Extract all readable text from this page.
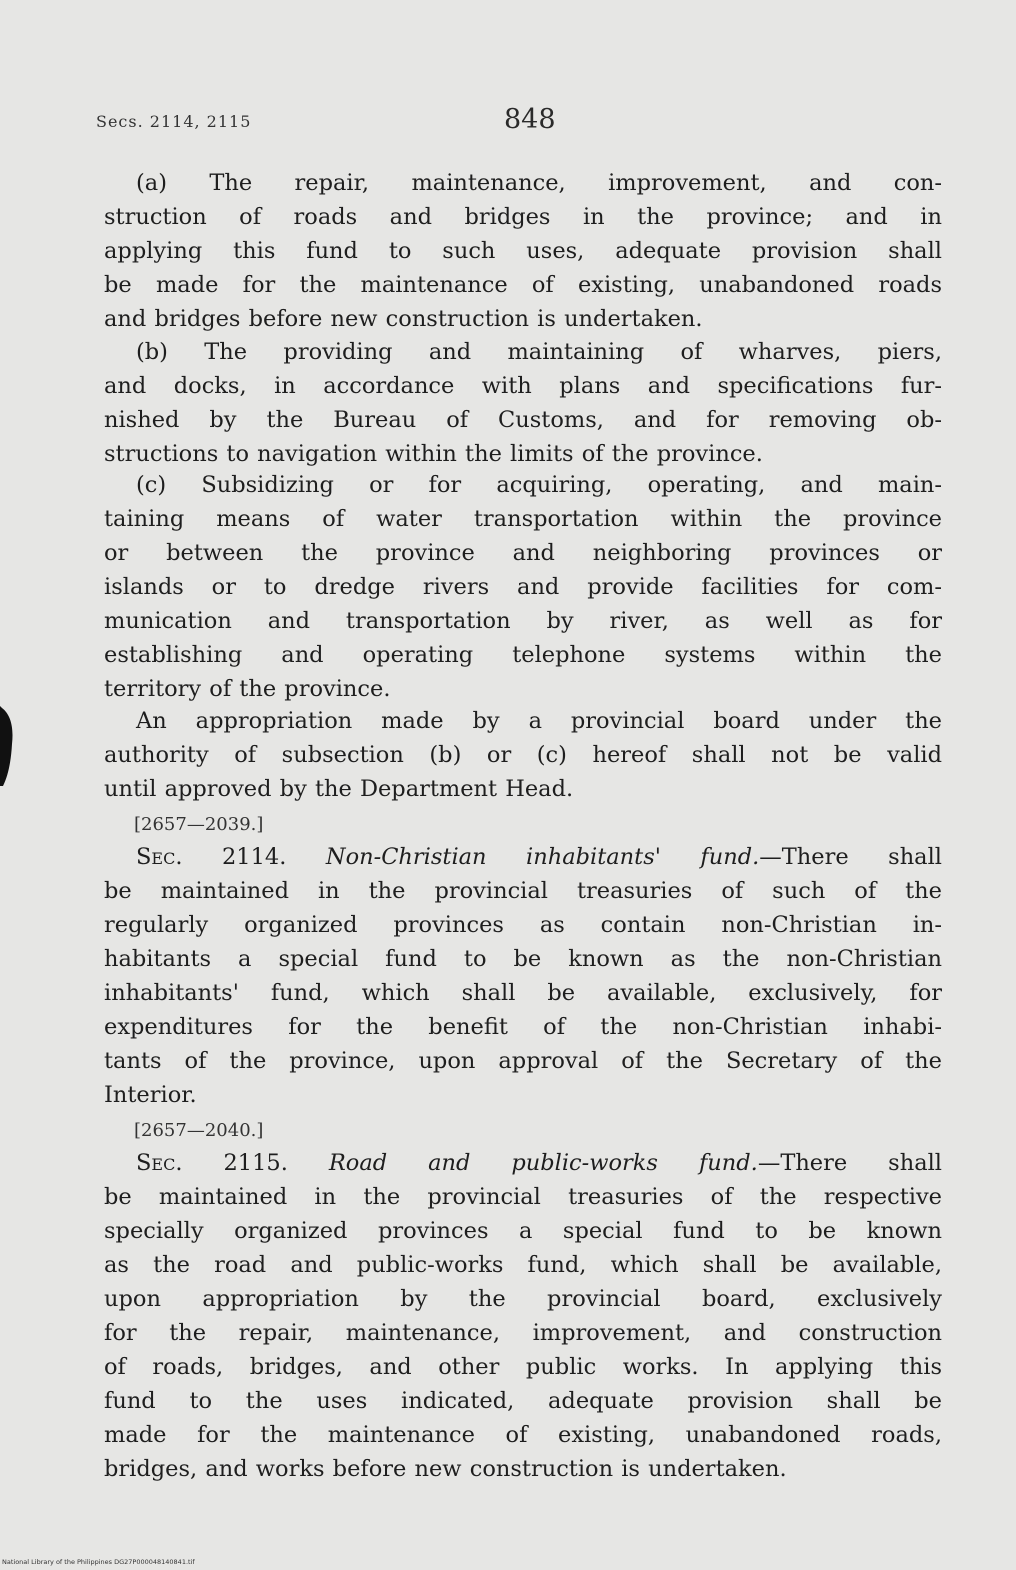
Secs. 2114, 2115	848
(a) The repair, maintenance, improvement, and con-
struction of roads and bridges in the province; and in
applying this fund to such uses, adequate provision shall
be made for the maintenance of existing, unabandoned roads
and bridges before new construction is undertaken.
(b) The providing and maintaining of wharves, piers,
and docks, in accordance with plans and specifications fur-
nished by the Bureau of Customs, and for removing ob-
structions to navigation within the limits of the province.
(c) Subsidizing or for acquiring, operating, and main-
taining means of water transportation within the province
or between the province and neighboring provinces or
islands or to dredge rivers and provide facilities for com-
munication and transportation by river, as well as for
establishing and operating telephone systems within the
territory of the province.
An appropriation made by a provincial board under the
authority of subsection (b) or (c) hereof shall not be valid
until approved by the Department Head.
[2657—2039.]
Sec. 2114. Non-Christian inhabitants' fund.—There shall
be maintained in the provincial treasuries of such of the
regularly organized provinces as contain non-Christian in-
habitants a special fund to be known as the non-Christian
inhabitants' fund, which shall be available, exclusively, for
expenditures for the benefit of the non-Christian inhabi-
tants of the province, upon approval of the Secretary of the
Interior.
[2657—2040.]
Sec. 2115. Road and public-works fund.—There shall
be maintained in the provincial treasuries of the respective
specially organized provinces a special fund to be known
as the road and public-works fund, which shall be available,
upon appropriation by the provincial board, exclusively
for the repair, maintenance, improvement, and construction
of roads, bridges, and other public works. In applying this
fund to the uses indicated, adequate provision shall be
made for the maintenance of existing, unabandoned roads,
bridges, and works before new construction is undertaken.
National Library of the Philippines DG27P000048140841.tif
